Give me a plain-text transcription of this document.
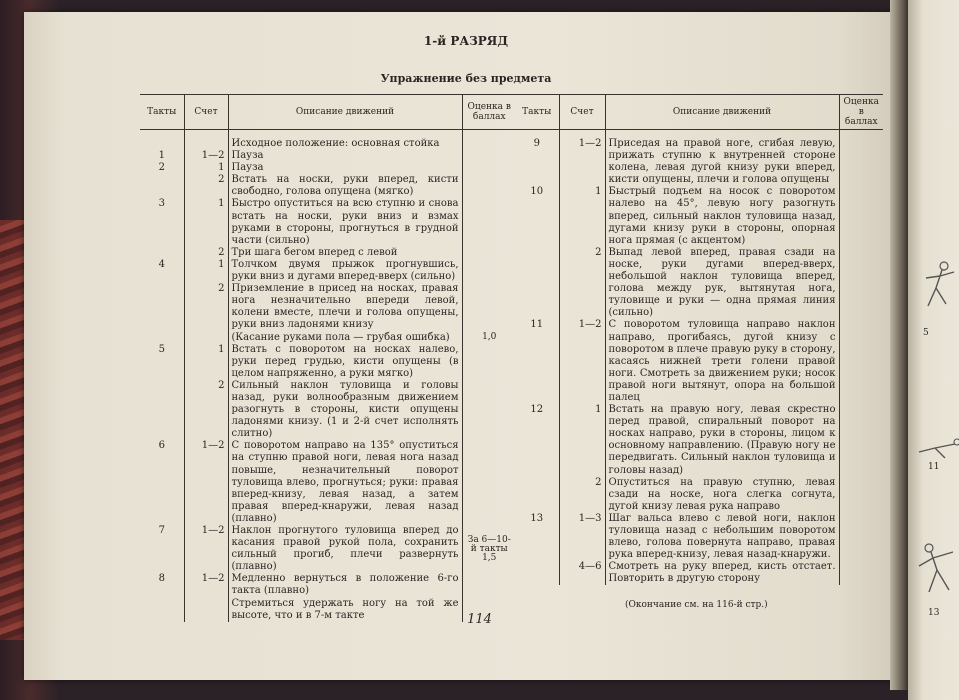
1-й РАЗРЯД
Упражнение без предмета
Такты	Счет	Описание движений	Оценка в баллах

		Исходное положение: основная стойка	
1	1—2	Пауза	
2	1	Пауза	
	2	Встать на носки, руки вперед, кисти свободно, голова опущена (мягко)	
3	1	Быстро опуститься на всю ступню и снова встать на носки, руки вниз и взмах руками в стороны, прогнуться в грудной части (сильно)	
	2	Три шага бегом вперед с левой	
4	1	Толчком двумя прыжок прогнувшись, руки вниз и дугами вперед-вверх (сильно)	
	2	Приземление в присед на носках, правая нога незначительно впереди левой, колени вместе, плечи и голова опущены, руки вниз ладонями книзу	
		(Касание руками пола — грубая ошибка)	1,0
5	1	Встать с поворотом на носках налево, руки перед грудью, кисти опущены (в целом напряженно, а руки мягко)	
	2	Сильный наклон туловища и головы назад, руки волнообразным движением разогнуть в стороны, кисти опущены ладонями книзу. (1 и 2-й счет исполнять слитно)	
6	1—2	С поворотом направо на 135° опуститься на ступню правой ноги, левая нога назад повыше, незначительный поворот туловища влево, прогнуться; руки: правая вперед-книзу, левая назад, а затем правая вперед-кнаружи, левая назад (плавно)	
7	1—2	Наклон прогнутого туловища вперед до касания правой рукой пола, сохранить сильный прогиб, плечи развернуть (плавно)	За 6—10-й такты 1,5
8	1—2	Медленно вернуться в положение 6-го такта (плавно)	
		Стремиться удержать ногу на той же высоте, что и в 7-м такте	
Такты	Счет	Описание движений	Оценка в баллах

9	1—2	Приседая на правой ноге, сгибая левую, прижать ступню к внутренней стороне колена, левая дугой книзу руки вперед, кисти опущены, плечи и голова опущены	
10	1	Быстрый подъем на носок с поворотом налево на 45°, левую ногу разогнуть вперед, сильный наклон туловища назад, дугами книзу руки в стороны, опорная нога прямая (с акцентом)	
	2	Выпад левой вперед, правая сзади на носке, руки дугами вперед-вверх, небольшой наклон туловища вперед, голова между рук, вытянутая нога, туловище и руки — одна прямая линия (сильно)	
11	1—2	С поворотом туловища направо наклон направо, прогибаясь, дугой книзу с поворотом в плече правую руку в сторону, касаясь нижней трети голени правой ноги. Смотреть за движением руки; носок правой ноги вытянут, опора на большой палец	
12	1	Встать на правую ногу, левая скрестно перед правой, спиральный поворот на носках направо, руки в стороны, лицом к основному направлению. (Правую ногу не передвигать. Сильный наклон туловища и головы назад)	
	2	Опуститься на правую ступню, левая сзади на носке, нога слегка согнута, дугой книзу левая рука направо	
13	1—3	Шаг вальса влево с левой ноги, наклон туловища назад с небольшим поворотом влево, голова повернута направо, правая рука вперед-книзу, левая назад-кнаружи.	
	4—6	Смотреть на руку вперед, кисть отстает. Повторить в другую сторону	
(Окончание см. на 116-й стр.)
114
5
11
13
